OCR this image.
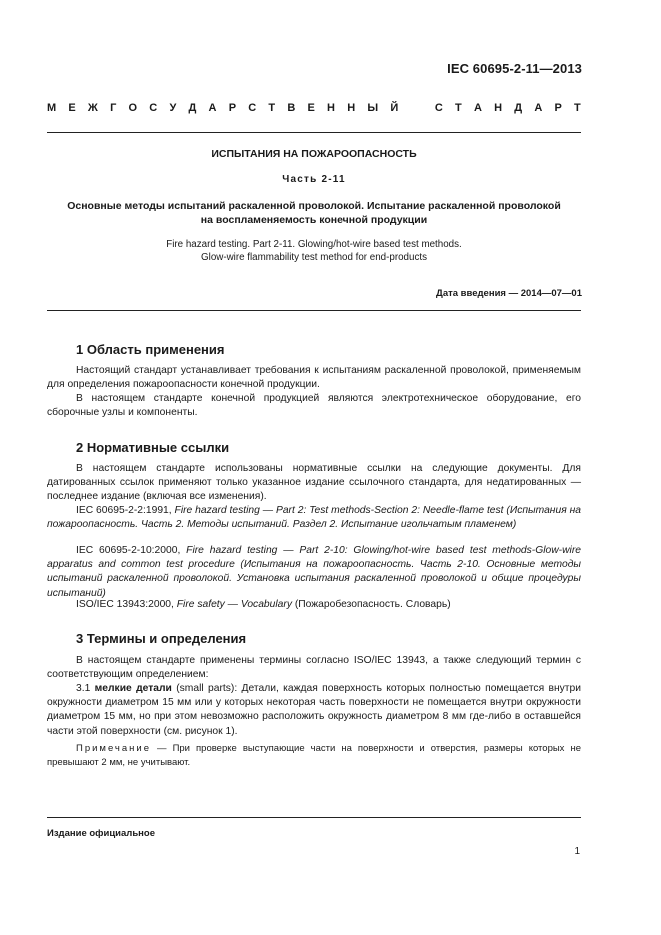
IEC 60695-2-11—2013
М Е Ж Г О С У Д А Р С Т В Е Н Н Ы Й	С Т А Н Д А Р Т
ИСПЫТАНИЯ НА ПОЖАРООПАСНОСТЬ
Часть 2-11
Основные методы испытаний раскаленной проволокой. Испытание раскаленной проволокой
на воспламеняемость конечной продукции
Fire hazard testing. Part 2-11. Glowing/hot-wire based test methods.
Glow-wire flammability test method for end-products
Дата введения — 2014—07—01
1 Область применения
Настоящий стандарт устанавливает требования к испытаниям раскаленной проволокой, применяемым для определения пожароопасности конечной продукции.
В настоящем стандарте конечной продукцией являются электротехническое оборудование, его сборочные узлы и компоненты.
2 Нормативные ссылки
В настоящем стандарте использованы нормативные ссылки на следующие документы. Для датированных ссылок применяют только указанное издание ссылочного стандарта, для недатированных — последнее издание (включая все изменения).
IEC 60695-2-2:1991, Fire hazard testing — Part 2: Test methods-Section 2: Needle-flame test (Испытания на пожароопасность. Часть 2. Методы испытаний. Раздел 2. Испытание игольчатым пламенем)
IEC 60695-2-10:2000, Fire hazard testing — Part 2-10: Glowing/hot-wire based test methods-Glow-wire apparatus and common test procedure (Испытания на пожароопасность. Часть 2-10. Основные методы испытаний раскаленной проволокой. Установка испытания раскаленной проволокой и общие процедуры испытаний)
ISO/IEC 13943:2000, Fire safety — Vocabulary (Пожаробезопасность. Словарь)
3 Термины и определения
В настоящем стандарте применены термины согласно ISO/IEC 13943, а также следующий термин с соответствующим определением:
3.1 мелкие детали (small parts): Детали, каждая поверхность которых полностью помещается внутри окружности диаметром 15 мм или у которых некоторая часть поверхности не помещается внутри окружности диаметром 15 мм, но при этом невозможно расположить окружность диаметром 8 мм где-либо в оставшейся части этой поверхности (см. рисунок 1).
Примечание — При проверке выступающие части на поверхности и отверстия, размеры которых не превышают 2 мм, не учитывают.
Издание официальное
1
